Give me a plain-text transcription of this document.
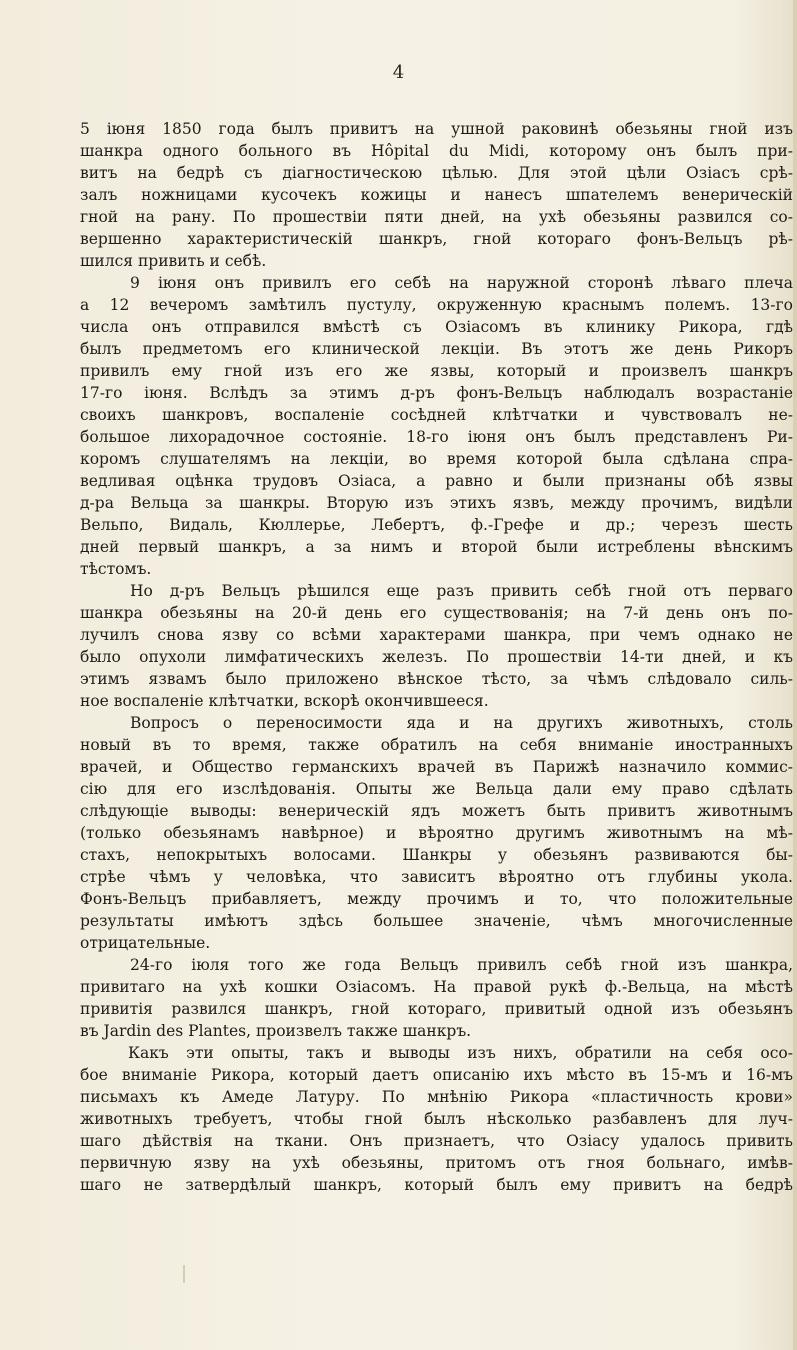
4
5 іюня 1850 года былъ привитъ на ушной раковинѣ обезьяны гной изъ
шанкра одного больного въ Hôpital du Midi, которому онъ былъ при-
витъ на бедрѣ съ діагностическою цѣлью. Для этой цѣли Озіасъ срѣ-
залъ ножницами кусочекъ кожицы и нанесъ шпателемъ венерическій
гной на рану. По прошествіи пяти дней, на ухѣ обезьяны развился со-
вершенно характеристическій шанкръ, гной котораго фонъ-Вельцъ рѣ-
шился привить и себѣ.
9 іюня онъ привилъ его себѣ на наружной сторонѣ лѣваго плеча
а 12 вечеромъ замѣтилъ пустулу, окруженную краснымъ полемъ. 13-го
числа онъ отправился вмѣстѣ съ Озіасомъ въ клинику Рикора, гдѣ
былъ предметомъ его клинической лекціи. Въ этотъ же день Рикоръ
привилъ ему гной изъ его же язвы, который и произвелъ шанкръ
17-го іюня. Вслѣдъ за этимъ д-ръ фонъ-Вельцъ наблюдалъ возрастаніе
своихъ шанкровъ, воспаленіе сосѣдней клѣтчатки и чувствовалъ не-
большое лихорадочное состояніе. 18-го іюня онъ былъ представленъ Ри-
коромъ слушателямъ на лекціи, во время которой была сдѣлана спра-
ведливая оцѣнка трудовъ Озіаса, а равно и были признаны обѣ язвы
д-ра Вельца за шанкры. Вторую изъ этихъ язвъ, между прочимъ, видѣли
Вельпо, Видаль, Кюллерье, Лебертъ, ф.-Грефе и др.; черезъ шесть
дней первый шанкръ, а за нимъ и второй были истреблены вѣнскимъ
тѣстомъ.
Но д-ръ Вельцъ рѣшился еще разъ привить себѣ гной отъ перваго
шанкра обезьяны на 20-й день его существованія; на 7-й день онъ по-
лучилъ снова язву со всѣми характерами шанкра, при чемъ однако не
было опухоли лимфатическихъ железъ. По прошествіи 14-ти дней, и къ
этимъ язвамъ было приложено вѣнское тѣсто, за чѣмъ слѣдовало силь-
ное воспаленіе клѣтчатки, вскорѣ окончившееся.
Вопросъ о переносимости яда и на другихъ животныхъ, столь
новый въ то время, также обратилъ на себя вниманіе иностранныхъ
врачей, и Общество германскихъ врачей въ Парижѣ назначило коммис-
сію для его изслѣдованія. Опыты же Вельца дали ему право сдѣлать
слѣдующіе выводы: венерическій ядъ можетъ быть привитъ животнымъ
(только обезьянамъ навѣрное) и вѣроятно другимъ животнымъ на мѣ-
стахъ, непокрытыхъ волосами. Шанкры у обезьянъ развиваются бы-
стрѣе чѣмъ у человѣка, что зависитъ вѣроятно отъ глубины укола.
Фонъ-Вельцъ прибавляетъ, между прочимъ и то, что положительные
результаты имѣютъ здѣсь большее значеніе, чѣмъ многочисленные
отрицательные.
24-го іюля того же года Вельцъ привилъ себѣ гной изъ шанкра,
привитаго на ухѣ кошки Озіасомъ. На правой рукѣ ф.-Вельца, на мѣстѣ
привитія развился шанкръ, гной котораго, привитый одной изъ обезьянъ
въ Jardin des Plantes, произвелъ также шанкръ.
Какъ эти опыты, такъ и выводы изъ нихъ, обратили на себя осо-
бое вниманіе Рикора, который даетъ описанію ихъ мѣсто въ 15-мъ и 16-мъ
письмахъ къ Амеде Латуру. По мнѣнію Рикора «пластичность крови»
животныхъ требуетъ, чтобы гной былъ нѣсколько разбавленъ для луч-
шаго дѣйствія на ткани. Онъ признаетъ, что Озіасу удалось привить
первичную язву на ухѣ обезьяны, притомъ отъ гноя больнаго, имѣв-
шаго не затвердѣлый шанкръ, который былъ ему привитъ на бедрѣ
